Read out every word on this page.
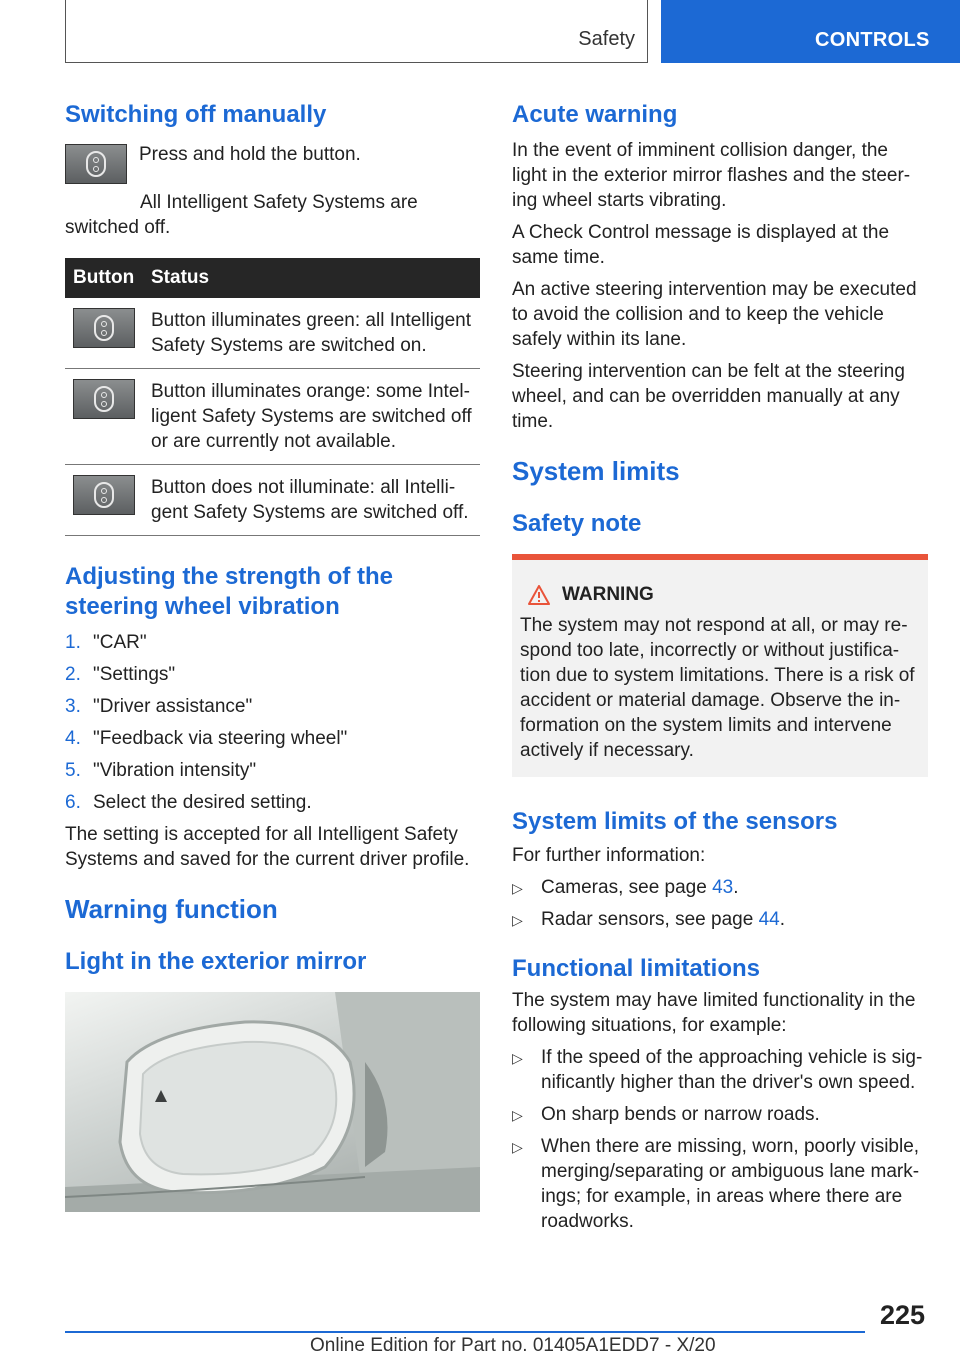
Safety	CONTROLS
Switching off manually

Press and hold the button.

All Intelligent Safety Systems are switched off.

Button	Status

	Button illuminates green: all Intelligent Safety Systems are switched on.

	Button illuminates orange: some Intel-ligent Safety Systems are switched off or are currently not available.

	Button does not illuminate: all Intelli-gent Safety Systems are switched off.
Adjusting the strength of the steering wheel vibration
1. "CAR"
2. "Settings"
3. "Driver assistance"
4. "Feedback via steering wheel"
5. "Vibration intensity"
6. Select the desired setting.

The setting is accepted for all Intelligent Safety Systems and saved for the current driver profile.

Warning function
Light in the exterior mirror
Acute warning

In the event of imminent collision danger, the light in the exterior mirror flashes and the steer-ing wheel starts vibrating.

A Check Control message is displayed at the same time.

An active steering intervention may be executed to avoid the collision and to keep the vehicle safely within its lane.

Steering intervention can be felt at the steering wheel, and can be overridden manually at any time.

System limits
Safety note
WARNING

The system may not respond at all, or may re-spond too late, incorrectly or without justifica-tion due to system limitations. There is a risk of accident or material damage. Observe the in-formation on the system limits and intervene actively if necessary.

System limits of the sensors

For further information:

▷ Cameras, see page 43.
▷ Radar sensors, see page 44.
Functional limitations

The system may have limited functionality in the following situations, for example:

▷ If the speed of the approaching vehicle is sig-nificantly higher than the driver's own speed.
▷ On sharp bends or narrow roads.
▷ When there are missing, worn, poorly visible, merging/separating or ambiguous lane mark-ings; for example, in areas where there are roadworks.
225
Online Edition for Part no. 01405A1EDD7 - X/20
